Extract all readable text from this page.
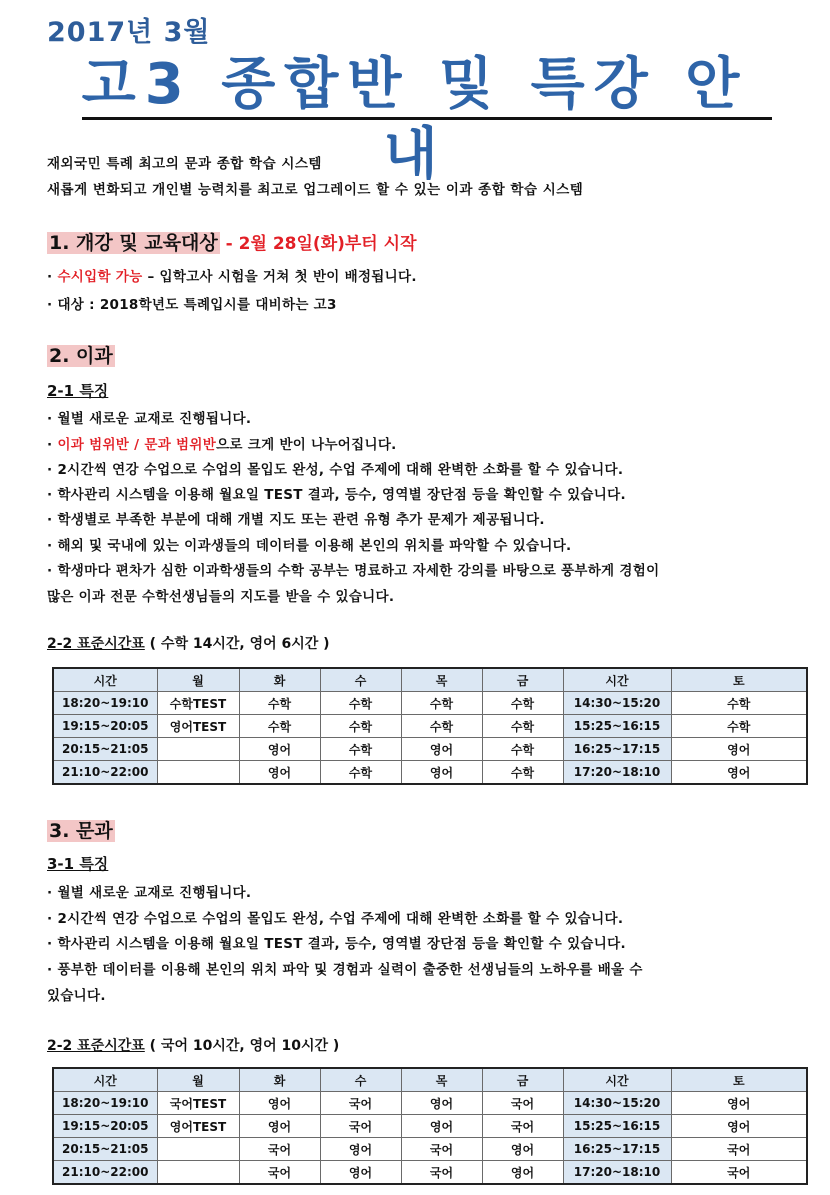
2017년 3월
고3 종합반 및 특강 안내
재외국민 특례 최고의 문과 종합 학습 시스템
새롭게 변화되고 개인별 능력치를 최고로 업그레이드 할 수 있는 이과 종합 학습 시스템
1. 개강 및 교육대상 - 2월 28일(화)부터 시작
· 수시입학 가능 – 입학고사 시험을 거쳐 첫 반이 배정됩니다.
· 대상 : 2018학년도 특례입시를 대비하는 고3
2. 이과
2-1 특징
· 월별 새로운 교재로 진행됩니다.
· 이과 범위반 / 문과 범위반으로 크게 반이 나누어집니다.
· 2시간씩 연강 수업으로 수업의 몰입도 완성, 수업 주제에 대해 완벽한 소화를 할 수 있습니다.
· 학사관리 시스템을 이용해 월요일 TEST 결과, 등수, 영역별 장단점 등을 확인할 수 있습니다.
· 학생별로 부족한 부분에 대해 개별 지도 또는 관련 유형 추가 문제가 제공됩니다.
· 해외 및 국내에 있는 이과생들의 데이터를 이용해 본인의 위치를 파악할 수 있습니다.
· 학생마다 편차가 심한 이과학생들의 수학 공부는 명료하고 자세한 강의를 바탕으로 풍부하게 경험이
많은 이과 전문 수학선생님들의 지도를 받을 수 있습니다.
2-2 표준시간표 ( 수학 14시간, 영어 6시간 )
시간	월	화	수	목	금	시간	토
18:20~19:10	수학TEST	수학	수학	수학	수학	14:30~15:20	수학
19:15~20:05	영어TEST	수학	수학	수학	수학	15:25~16:15	수학
20:15~21:05		영어	수학	영어	수학	16:25~17:15	영어
21:10~22:00		영어	수학	영어	수학	17:20~18:10	영어
3. 문과
3-1 특징
· 월별 새로운 교재로 진행됩니다.
· 2시간씩 연강 수업으로 수업의 몰입도 완성, 수업 주제에 대해 완벽한 소화를 할 수 있습니다.
· 학사관리 시스템을 이용해 월요일 TEST 결과, 등수, 영역별 장단점 등을 확인할 수 있습니다.
· 풍부한 데이터를 이용해 본인의 위치 파악 및 경험과 실력이 출중한 선생님들의 노하우를 배울 수
있습니다.
2-2 표준시간표 ( 국어 10시간, 영어 10시간 )
시간	월	화	수	목	금	시간	토
18:20~19:10	국어TEST	영어	국어	영어	국어	14:30~15:20	영어
19:15~20:05	영어TEST	영어	국어	영어	국어	15:25~16:15	영어
20:15~21:05		국어	영어	국어	영어	16:25~17:15	국어
21:10~22:00		국어	영어	국어	영어	17:20~18:10	국어
